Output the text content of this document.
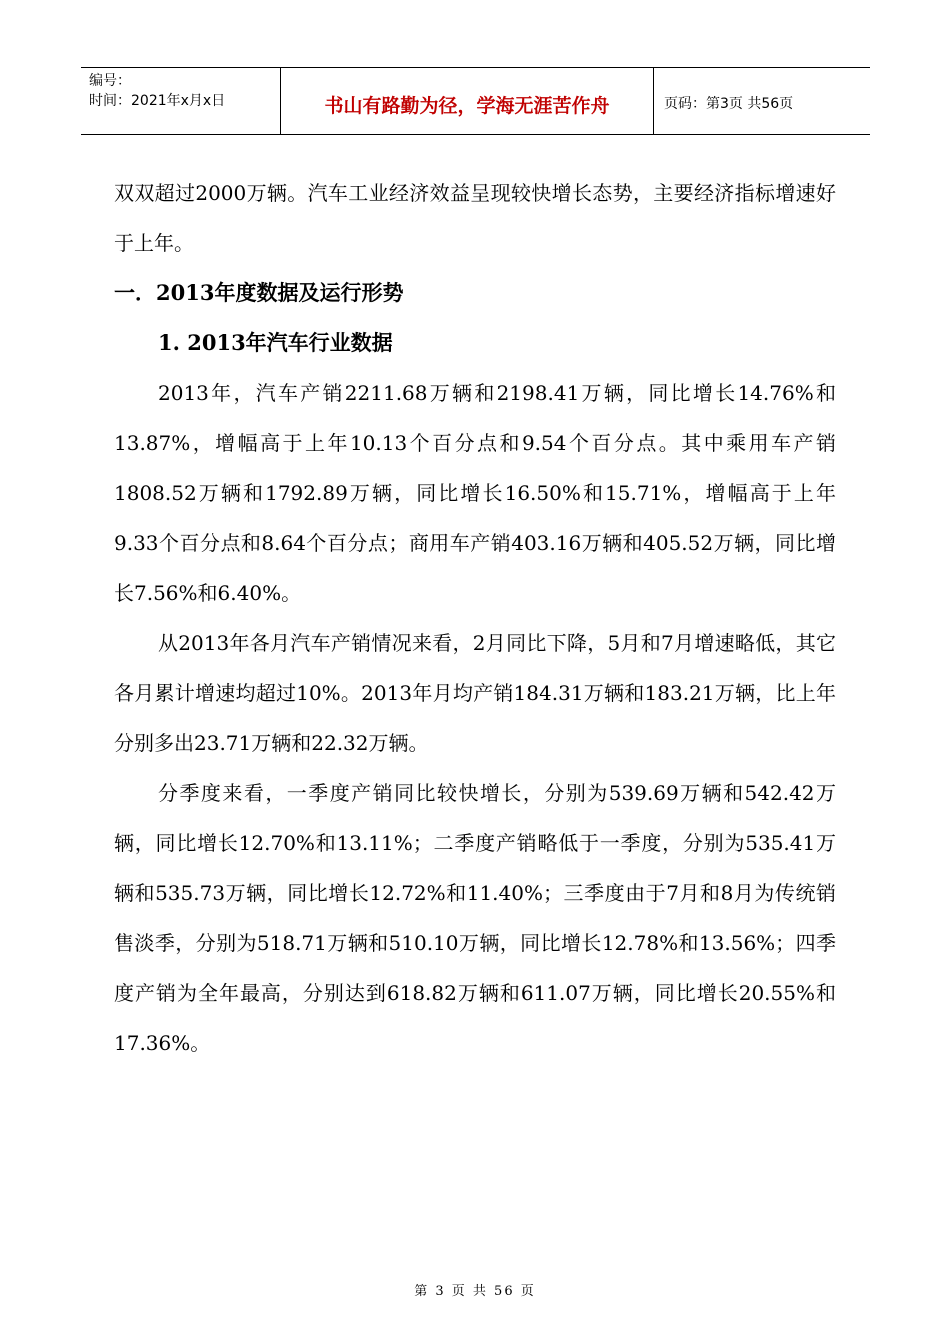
编号：
时间：2021年x月x日	书山有路勤为径，学海无涯苦作舟	页码：第3页 共56页

双双超过2000万辆。汽车工业经济效益呈现较快增长态势，主要经济指标增速好于上年。

一．2013年度数据及运行形势

1. 2013年汽车行业数据

2013年，汽车产销2211.68万辆和2198.41万辆，同比增长14.76%和13.87%，增幅高于上年10.13个百分点和9.54个百分点。其中乘用车产销1808.52万辆和1792.89万辆，同比增长16.50%和15.71%，增幅高于上年9.33个百分点和8.64个百分点；商用车产销403.16万辆和405.52万辆，同比增长7.56%和6.40%。

从2013年各月汽车产销情况来看，2月同比下降，5月和7月增速略低，其它各月累计增速均超过10%。2013年月均产销184.31万辆和183.21万辆，比上年分别多出23.71万辆和22.32万辆。

分季度来看，一季度产销同比较快增长，分别为539.69万辆和542.42万辆，同比增长12.70%和13.11%；二季度产销略低于一季度，分别为535.41万辆和535.73万辆，同比增长12.72%和11.40%；三季度由于7月和8月为传统销售淡季，分别为518.71万辆和510.10万辆，同比增长12.78%和13.56%；四季度产销为全年最高，分别达到618.82万辆和611.07万辆，同比增长20.55%和17.36%。

第 3 页 共 56 页
